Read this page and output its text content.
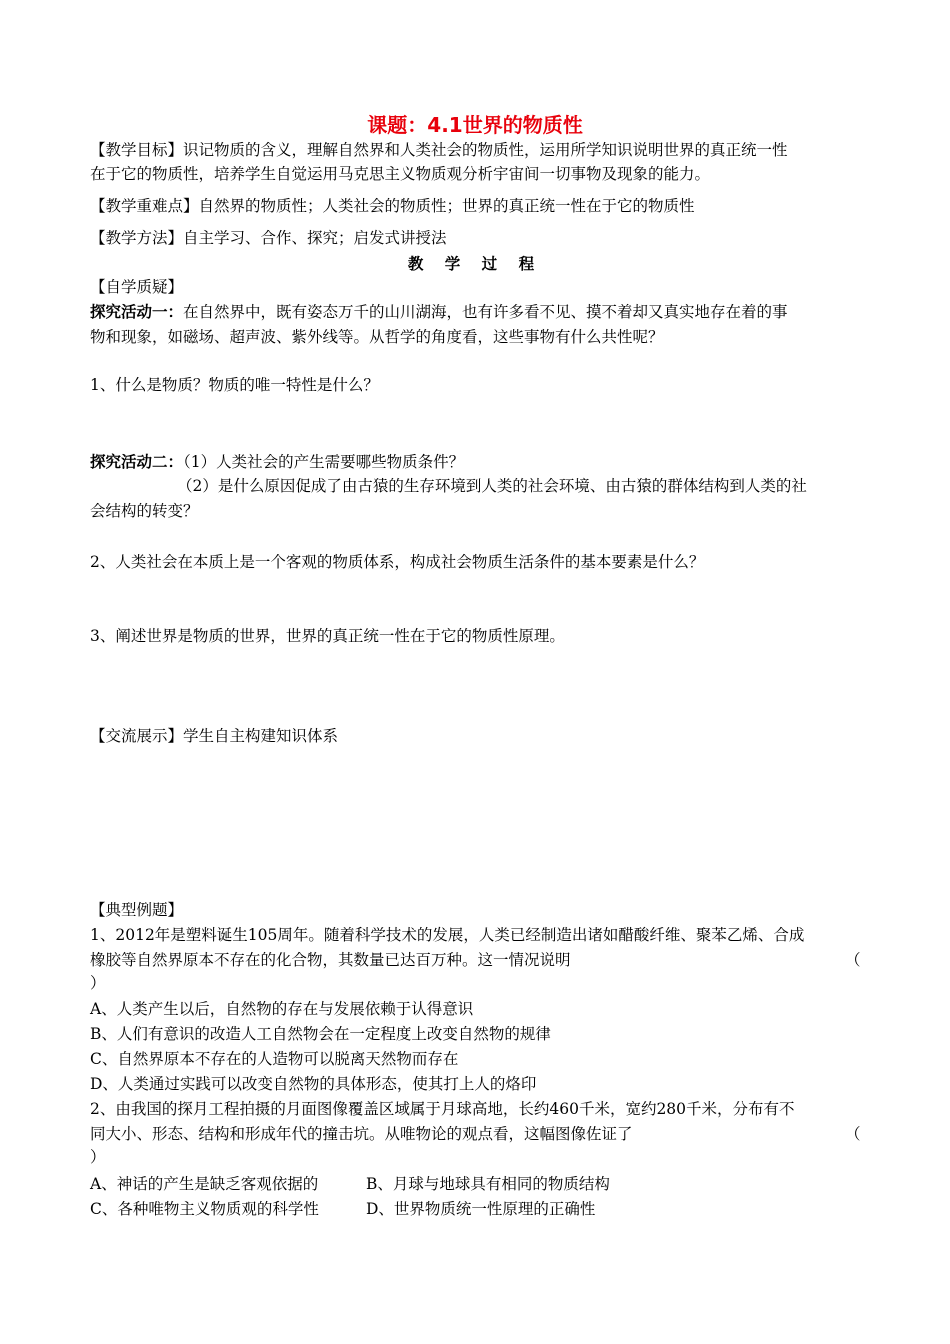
课题：4.1世界的物质性
【教学目标】识记物质的含义，理解自然界和人类社会的物质性，运用所学知识说明世界的真正统一性
在于它的物质性，培养学生自觉运用马克思主义物质观分析宇宙间一切事物及现象的能力。
【教学重难点】自然界的物质性；人类社会的物质性；世界的真正统一性在于它的物质性
【教学方法】自主学习、合作、探究；启发式讲授法
教 学 过 程
【自学质疑】
探究活动一：在自然界中，既有姿态万千的山川湖海，也有许多看不见、摸不着却又真实地存在着的事
物和现象，如磁场、超声波、紫外线等。从哲学的角度看，这些事物有什么共性呢？
1、什么是物质？物质的唯一特性是什么？
探究活动二：（1）人类社会的产生需要哪些物质条件？
（2）是什么原因促成了由古猿的生存环境到人类的社会环境、由古猿的群体结构到人类的社
会结构的转变？
2、人类社会在本质上是一个客观的物质体系，构成社会物质生活条件的基本要素是什么？
3、阐述世界是物质的世界，世界的真正统一性在于它的物质性原理。
【交流展示】学生自主构建知识体系
【典型例题】
1、2012年是塑料诞生105周年。随着科学技术的发展，人类已经制造出诸如醋酸纤维、聚苯乙烯、合成
橡胶等自然界原本不存在的化合物，其数量已达百万种。这一情况说明	（
）
A、人类产生以后，自然物的存在与发展依赖于认得意识
B、人们有意识的改造人工自然物会在一定程度上改变自然物的规律
C、自然界原本不存在的人造物可以脱离天然物而存在
D、人类通过实践可以改变自然物的具体形态，使其打上人的烙印
2、由我国的探月工程拍摄的月面图像覆盖区域属于月球高地，长约460千米，宽约280千米，分布有不
同大小、形态、结构和形成年代的撞击坑。从唯物论的观点看，这幅图像佐证了	（
）
A、神话的产生是缺乏客观依据的	B、月球与地球具有相同的物质结构
C、各种唯物主义物质观的科学性	D、世界物质统一性原理的正确性
